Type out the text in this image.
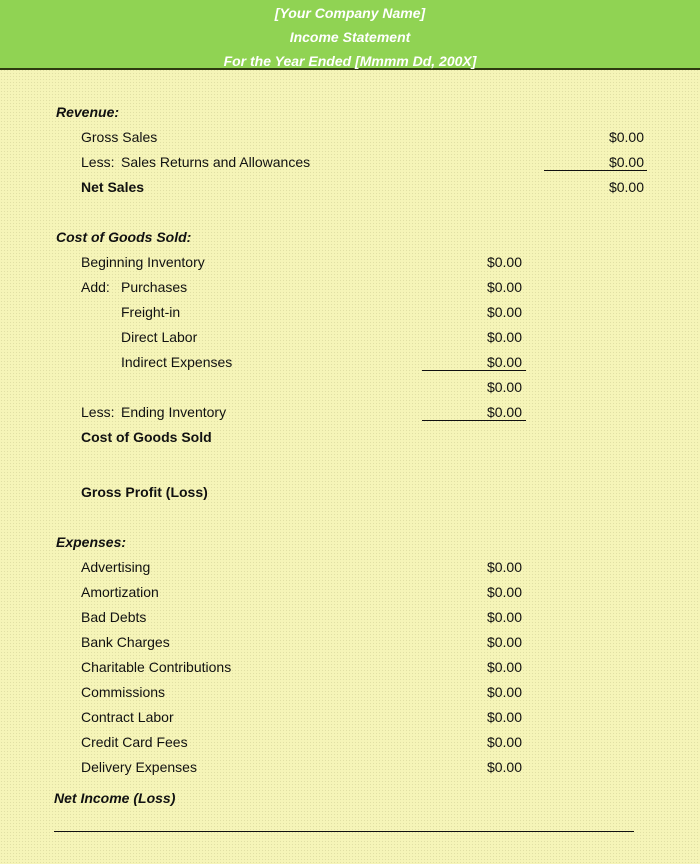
[Your Company Name]
Income Statement
For the Year Ended [Mmmm Dd, 200X]
Revenue:
Gross Sales	$0.00
Less: Sales Returns and Allowances	$0.00
Net Sales	$0.00
Cost of Goods Sold:
Beginning Inventory	$0.00
Add: Purchases	$0.00
Freight-in	$0.00
Direct Labor	$0.00
Indirect Expenses	$0.00
$0.00
Less: Ending Inventory	$0.00
Cost of Goods Sold
Gross Profit (Loss)
Expenses:
Advertising	$0.00
Amortization	$0.00
Bad Debts	$0.00
Bank Charges	$0.00
Charitable Contributions	$0.00
Commissions	$0.00
Contract Labor	$0.00
Credit Card Fees	$0.00
Delivery Expenses	$0.00
Net Income (Loss)
